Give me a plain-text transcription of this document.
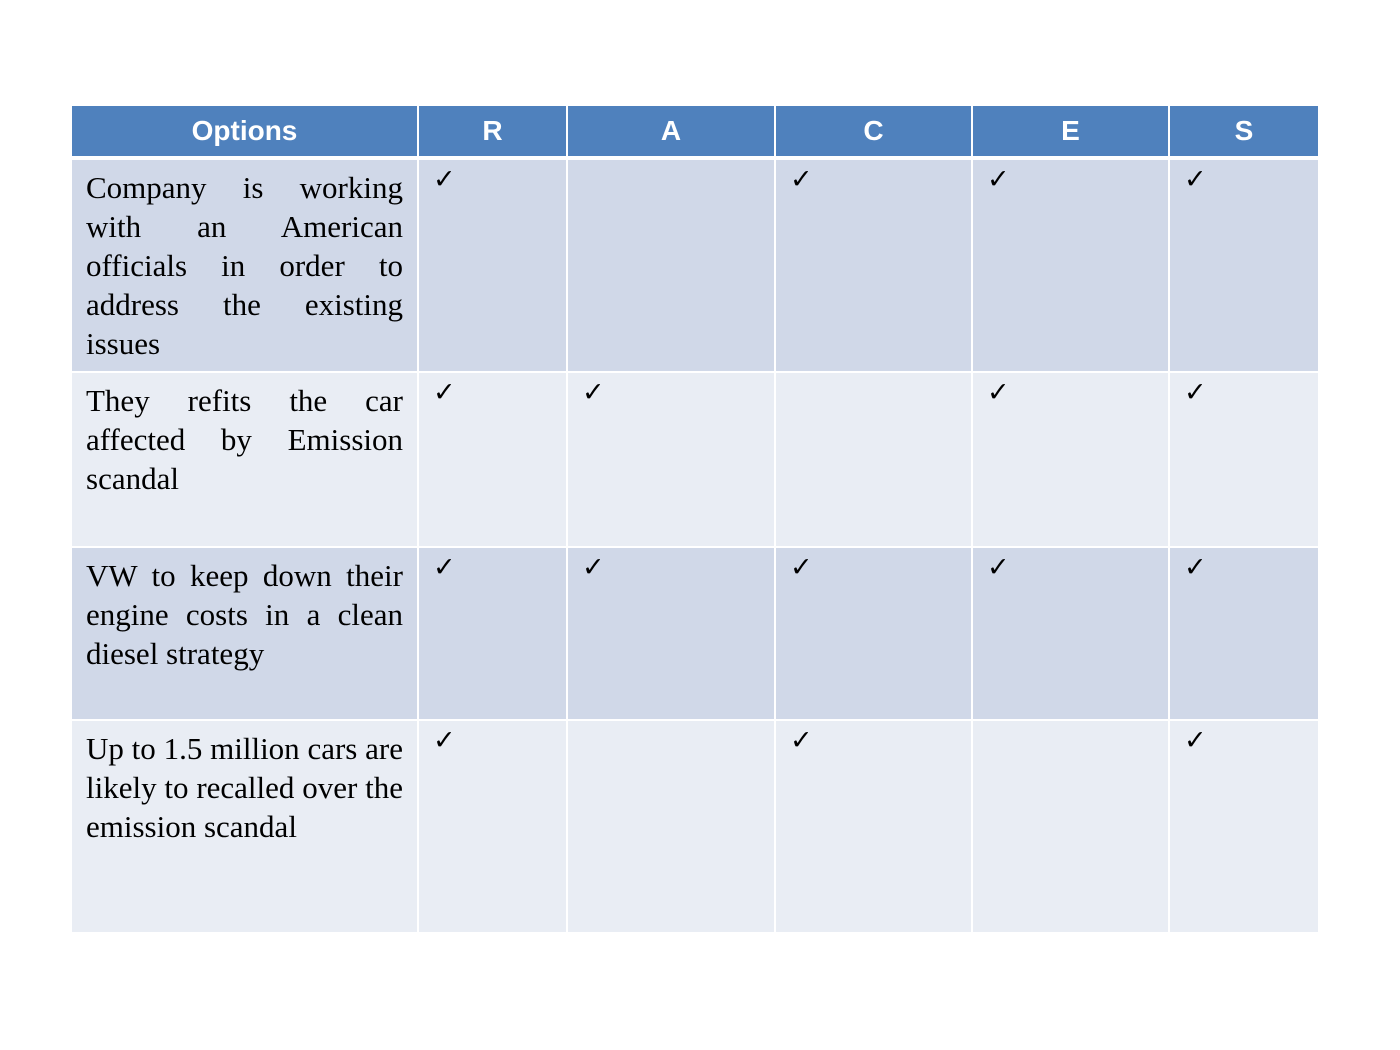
Options	R	A	C	E	S
Company is working with an American officials in order to address the existing issues	✓		✓	✓	✓
They refits the car affected by Emission scandal	✓	✓		✓	✓
VW to keep down their engine costs in a clean diesel strategy	✓	✓	✓	✓	✓
Up to 1.5 million cars are likely to recalled over the emission scandal	✓		✓		✓
